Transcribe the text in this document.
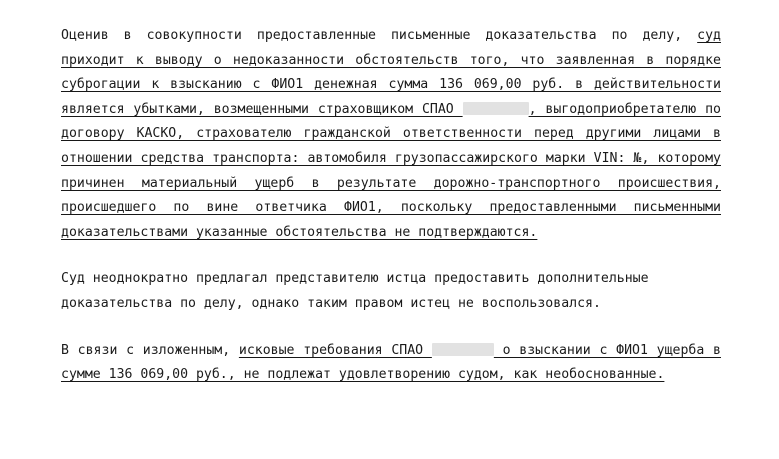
Оценив в совокупности предоставленные письменные доказательства по делу, суд приходит к выводу о недоказанности обстоятельств того, что заявленная в порядке суброгации к взысканию с ФИО1 денежная сумма 136 069,00 руб. в действительности является убытками, возмещенными страховщиком СПАО	, выгодоприобретателю по договору КАСКО, страхователю гражданской ответственности перед другими лицами в отношении средства транспорта: автомобиля грузопассажирского марки VIN: №, которому причинен материальный ущерб в результате дорожно-транспортного происшествия, происшедшего по вине ответчика ФИО1, поскольку предоставленными письменными доказательствами указанные обстоятельства не подтверждаются.

Суд неоднократно предлагал представителю истца предоставить дополнительные доказательства по делу, однако таким правом истец не воспользовался.

В связи с изложенным, исковые требования СПАО	о взыскании с ФИО1 ущерба в сумме 136 069,00 руб., не подлежат удовлетворению судом, как необоснованные.
